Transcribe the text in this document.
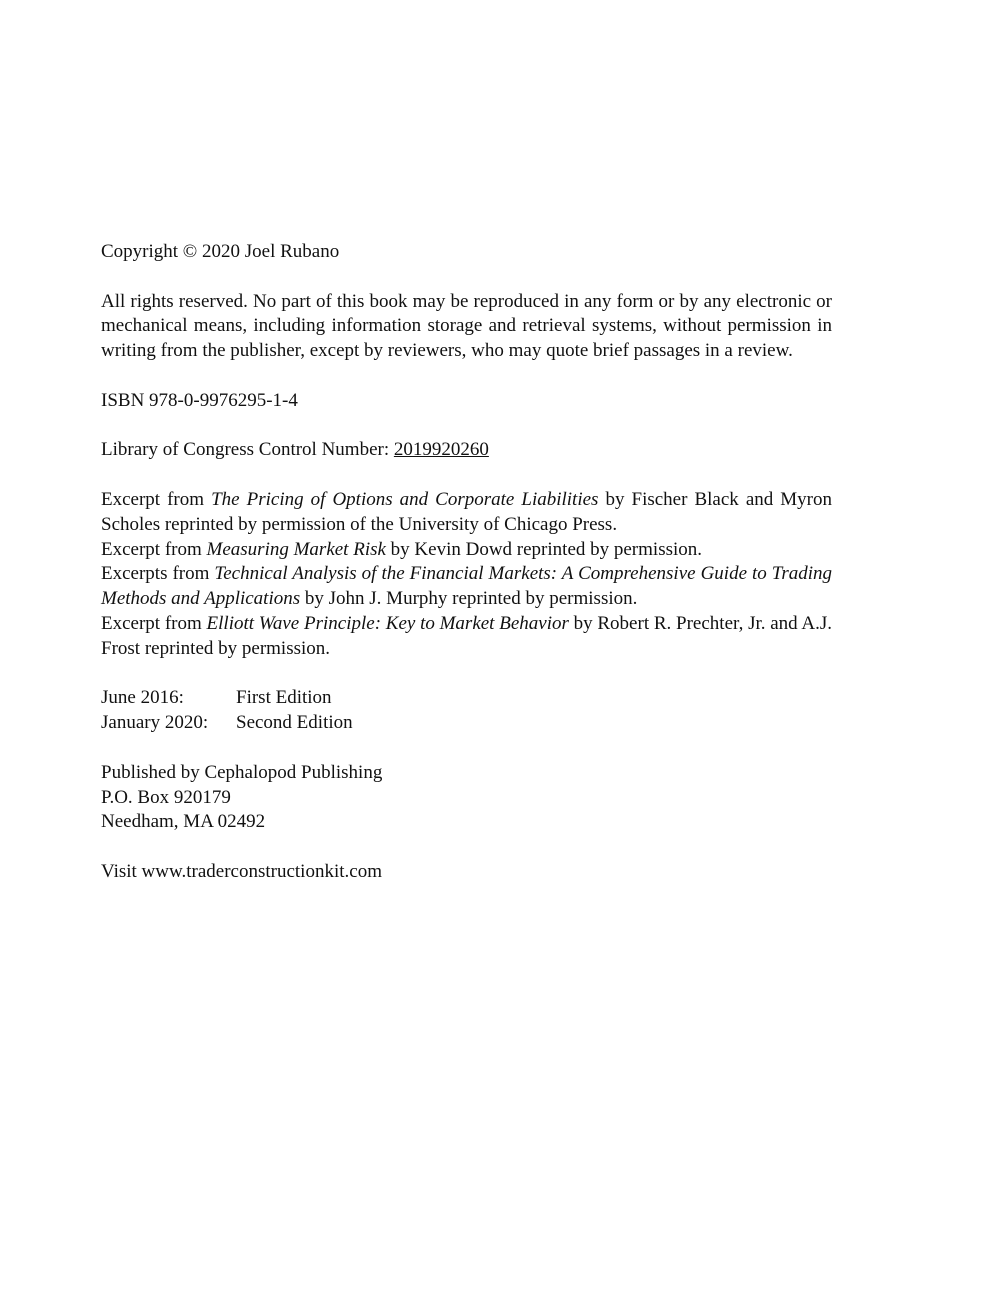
Copyright © 2020 Joel Rubano

All rights reserved. No part of this book may be reproduced in any form or by any electronic or mechanical means, including information storage and retrieval systems, without permission in writing from the publisher, except by reviewers, who may quote brief passages in a review.

ISBN 978-0-9976295-1-4

Library of Congress Control Number: 2019920260

Excerpt from The Pricing of Options and Corporate Liabilities by Fischer Black and Myron Scholes reprinted by permission of the University of Chicago Press.
Excerpt from Measuring Market Risk by Kevin Dowd reprinted by permission.
Excerpts from Technical Analysis of the Financial Markets: A Comprehensive Guide to Trading Methods and Applications by John J. Murphy reprinted by permission.
Excerpt from Elliott Wave Principle: Key to Market Behavior by Robert R. Prechter, Jr. and A.J. Frost reprinted by permission.
June 2016:	First Edition
January 2020:	Second Edition
Published by Cephalopod Publishing
P.O. Box 920179
Needham, MA 02492

Visit www.traderconstructionkit.com
